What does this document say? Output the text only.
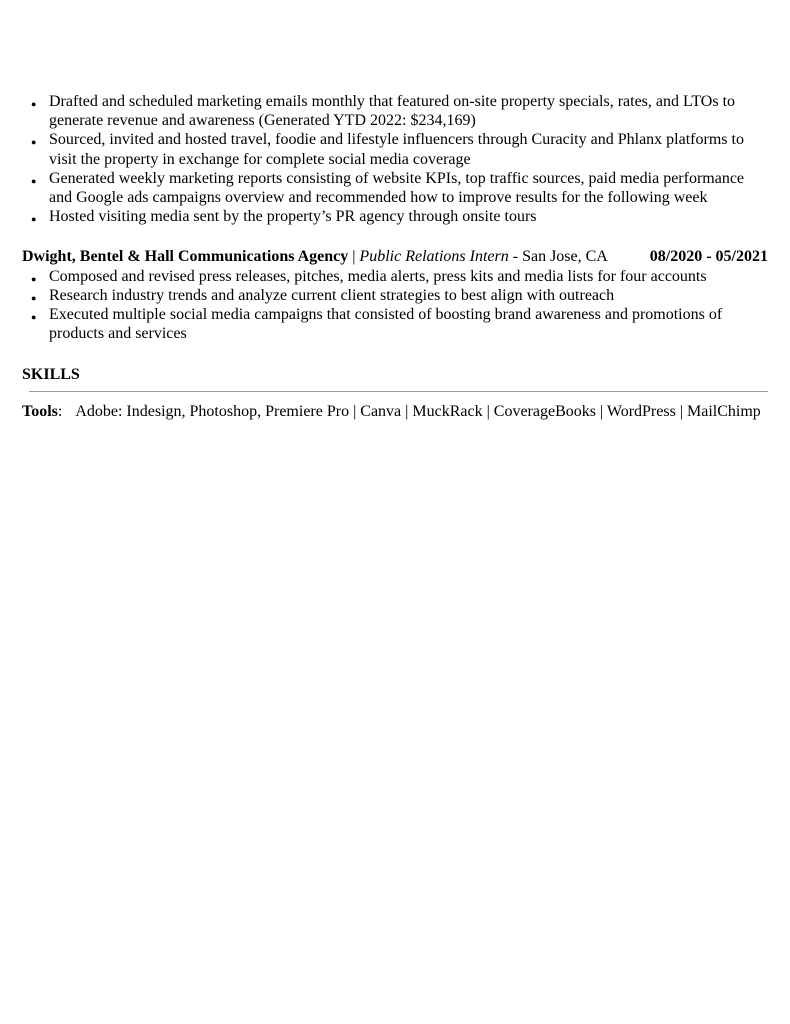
● Drafted and scheduled marketing emails monthly that featured on-site property specials, rates, and LTOs to generate revenue and awareness (Generated YTD 2022: $234,169)
● Sourced, invited and hosted travel, foodie and lifestyle influencers through Curacity and Phlanx platforms to visit the property in exchange for complete social media coverage
● Generated weekly marketing reports consisting of website KPIs, top traffic sources, paid media performance and Google ads campaigns overview and recommended how to improve results for the following week
● Hosted visiting media sent by the property’s PR agency through onsite tours
Dwight, Bentel & Hall Communications Agency | Public Relations Intern - San Jose, CA	08/2020 - 05/2021
● Composed and revised press releases, pitches, media alerts, press kits and media lists for four accounts
● Research industry trends and analyze current client strategies to best align with outreach
● Executed multiple social media campaigns that consisted of boosting brand awareness and promotions of products and services
SKILLS
Tools: Adobe: Indesign, Photoshop, Premiere Pro | Canva | MuckRack | CoverageBooks | WordPress | MailChimp
